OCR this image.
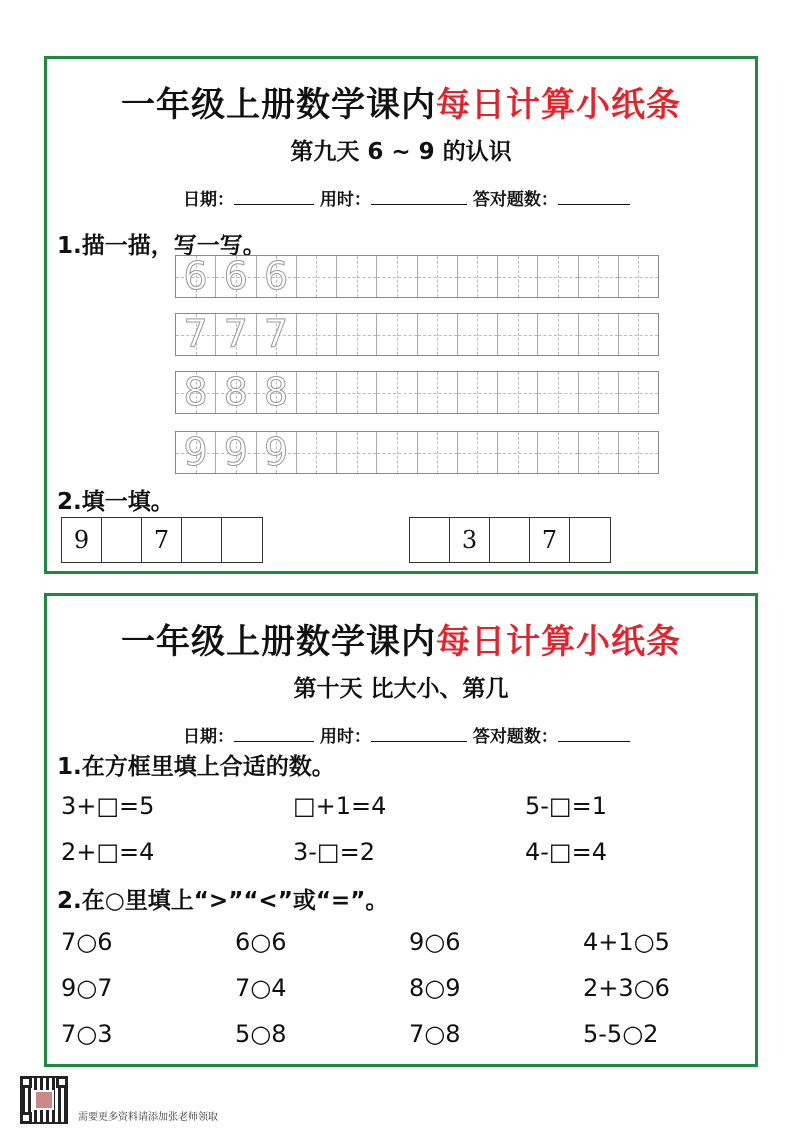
一年级上册数学课内每日计算小纸条
第九天 6 ~ 9 的认识
日期：	用时：	答对题数：
1.描一描，写一写。
6 6 6
7 7 7
8 8 8
9 9 9
2.填一填。
9	7	3	7
一年级上册数学课内每日计算小纸条
第十天 比大小、第几
日期：	用时：	答对题数：
1.在方框里填上合适的数。
3+□=5	□+1=4	5-□=1
2+□=4	3-□=2	4-□=4
2.在○里填上“>”“<”或“=”。
7○6	6○6	9○6	4+1○5
9○7	7○4	8○9	2+3○6
7○3	5○8	7○8	5-5○2
需要更多资料请添加张老师领取
